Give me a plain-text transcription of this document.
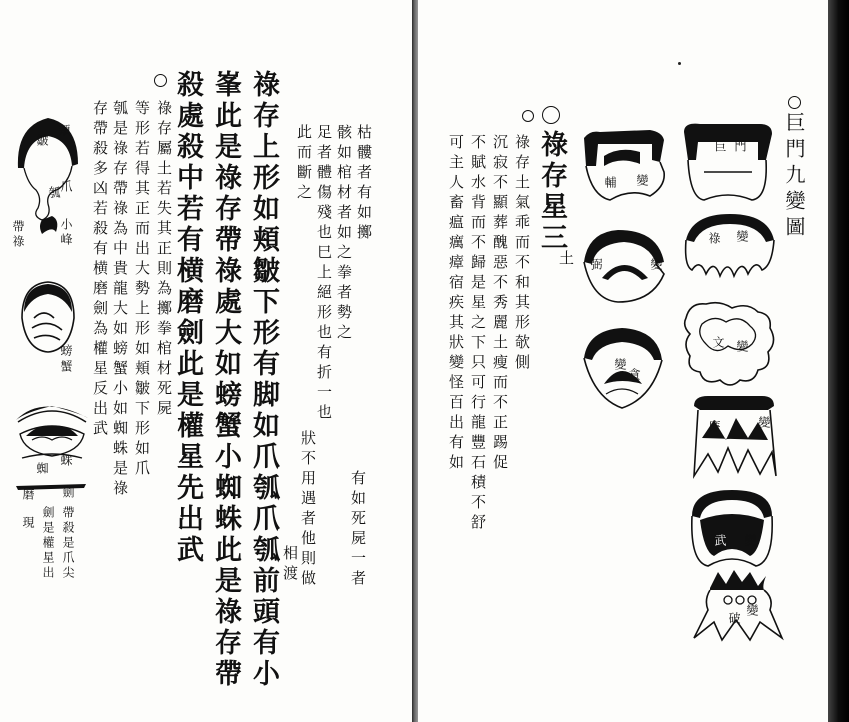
祿存上形如頬皺下形有脚如爪瓠爪瓠前頭有小
峯此是祿存帶祿處大如螃蟹小蜘蛛此是祿存帶
殺處殺中若有横磨劍此是權星先出武	枯髏者有如擲
骸如棺材者如之拳者勢之
有如死屍一者
足者體傷殘也巳上絕形也有折一也
此而斷之
狀不用遇者他則做
相渡
祿存屬土若失其正則為擲拳棺材死屍
等形若得其正而出大勢上形如頬皺下形如爪
瓠是祿存帶祿為中貴龍大如螃蟹小如蜘蛛是祿
存帶殺多凶若殺有横磨劍為權星反出武
頬
皺
爪
瓠
小峰
帶祿
螃
蟹
蜘
蛛
磨 劍
帶殺是爪尖
劍是權星出
現
巨門九變圖
祿存星三
土
祿存土氣乖而不和其形欹側
沉寂不顯葬醜惡不秀麗土瘦而不正踢促
不賦水背而不歸是星之下只可行龍豐石積不舒
可主人畜瘟癘瘴宿疾其狀變怪百出有如	輔 變
弼	變
變
貪
巨 門
祿 變
文 變
廉	變
武 變
破
變
